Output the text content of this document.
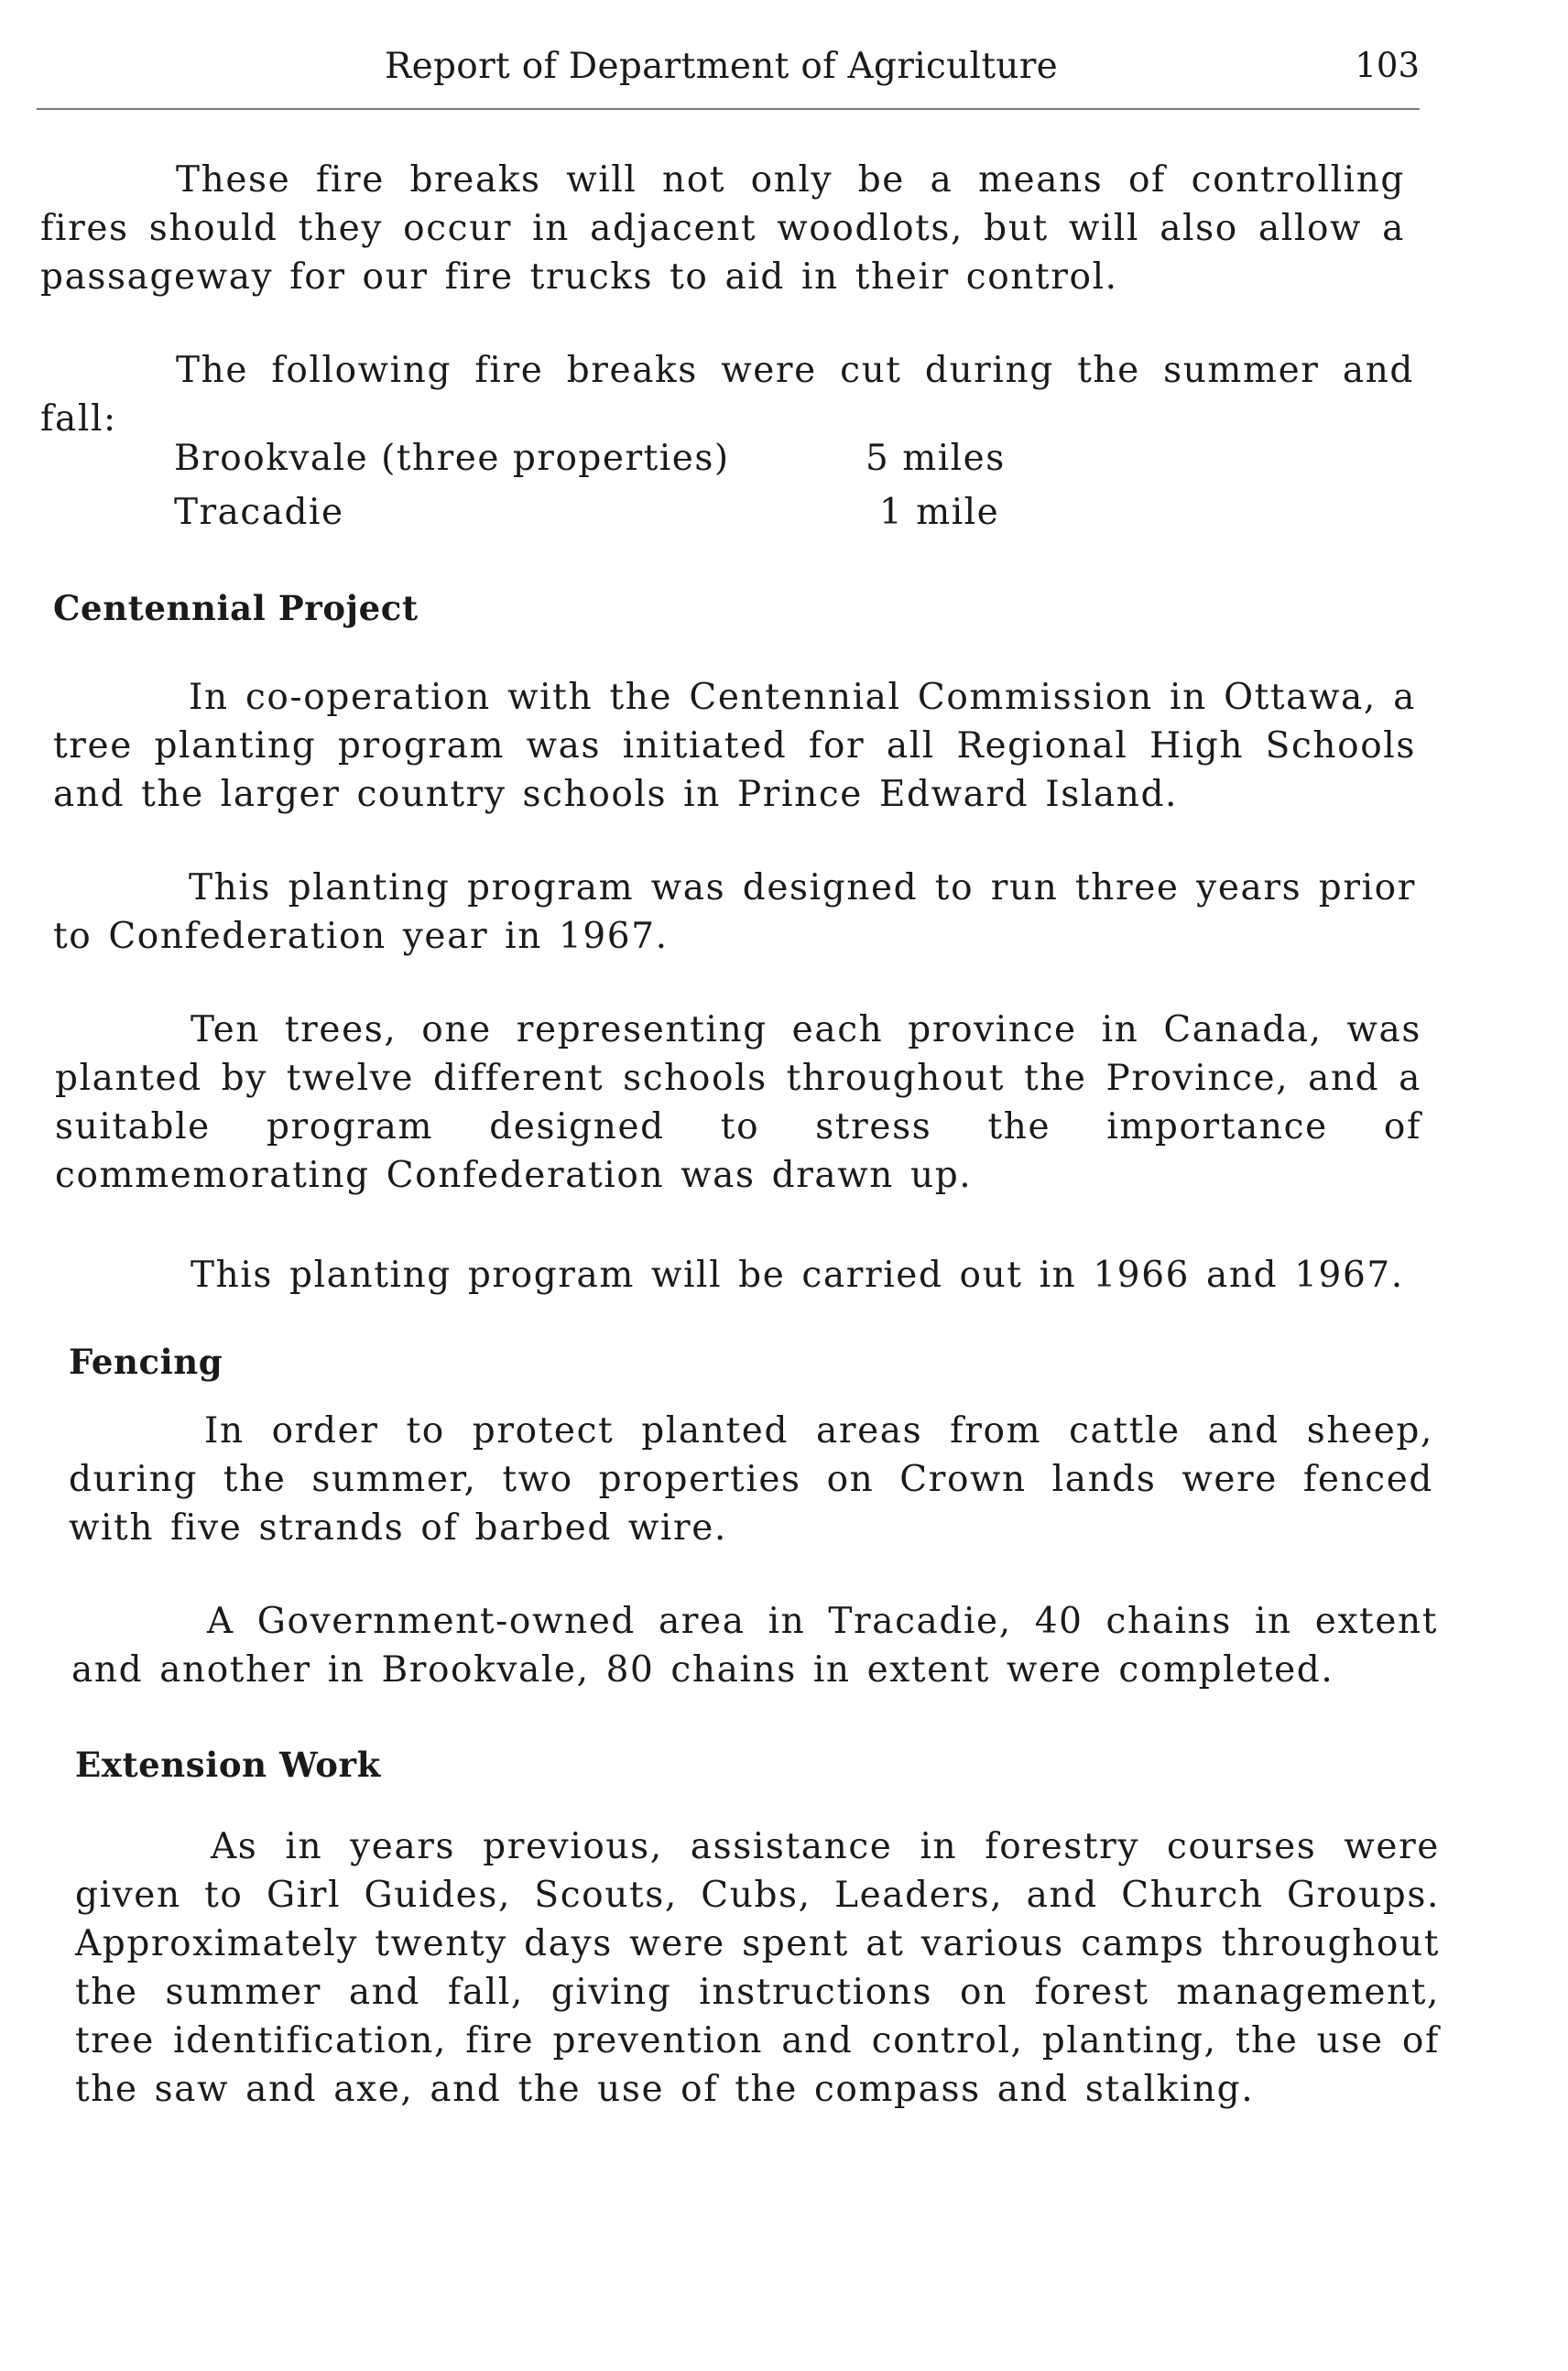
Report of Department of Agriculture	103

These fire breaks will not only be a means of controlling fires should they occur in adjacent woodlots, but will also allow a passageway for our fire trucks to aid in their control.

The following fire breaks were cut during the summer and fall:

Brookvale (three properties)	5 miles
Tracadie	1 mile
Centennial Project

In co-operation with the Centennial Commission in Ottawa, a tree planting program was initiated for all Regional High Schools and the larger country schools in Prince Edward Island.

This planting program was designed to run three years prior to Confederation year in 1967.

Ten trees, one representing each province in Canada, was planted by twelve different schools throughout the Province, and a suitable program designed to stress the importance of commemorating Confederation was drawn up.

This planting program will be carried out in 1966 and 1967.

Fencing

In order to protect planted areas from cattle and sheep, during the summer, two properties on Crown lands were fenced with five strands of barbed wire.

A Government-owned area in Tracadie, 40 chains in extent and another in Brookvale, 80 chains in extent were completed.

Extension Work

As in years previous, assistance in forestry courses were given to Girl Guides, Scouts, Cubs, Leaders, and Church Groups. Approximately twenty days were spent at various camps throughout the summer and fall, giving instructions on forest management, tree identification, fire prevention and control, planting, the use of the saw and axe, and the use of the compass and stalking.
